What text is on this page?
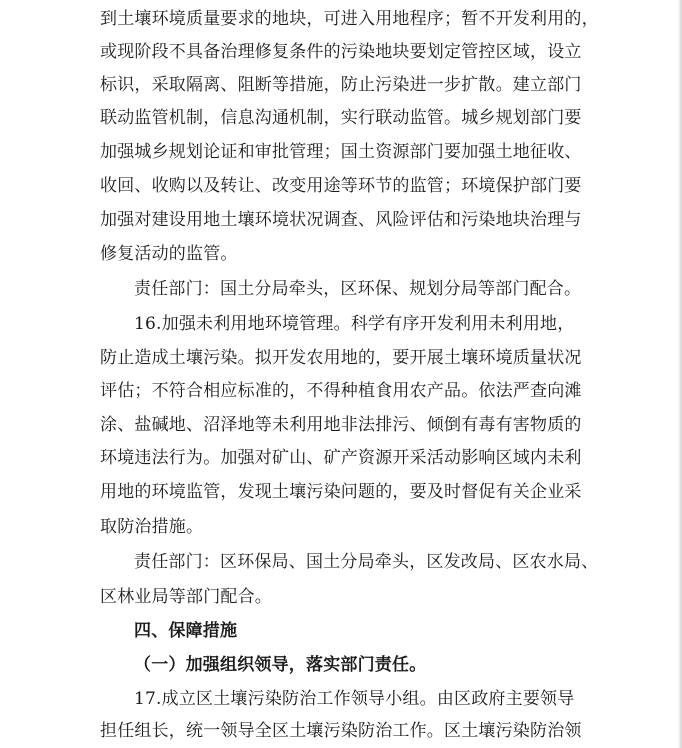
到土壤环境质量要求的地块，可进入用地程序；暂不开发利用的，
或现阶段不具备治理修复条件的污染地块要划定管控区域，设立
标识，采取隔离、阻断等措施，防止污染进一步扩散。建立部门
联动监管机制，信息沟通机制，实行联动监管。城乡规划部门要
加强城乡规划论证和审批管理；国土资源部门要加强土地征收、
收回、收购以及转让、改变用途等环节的监管；环境保护部门要
加强对建设用地土壤环境状况调查、风险评估和污染地块治理与
修复活动的监管。
责任部门：国土分局牵头，区环保、规划分局等部门配合。
16.加强未利用地环境管理。科学有序开发利用未利用地，
防止造成土壤污染。拟开发农用地的，要开展土壤环境质量状况
评估；不符合相应标准的，不得种植食用农产品。依法严查向滩
涂、盐碱地、沼泽地等未利用地非法排污、倾倒有毒有害物质的
环境违法行为。加强对矿山、矿产资源开采活动影响区域内未利
用地的环境监管，发现土壤污染问题的，要及时督促有关企业采
取防治措施。
责任部门：区环保局、国土分局牵头，区发改局、区农水局、
区林业局等部门配合。
四、保障措施
（一）加强组织领导，落实部门责任。
17.成立区土壤污染防治工作领导小组。由区政府主要领导
担任组长，统一领导全区土壤污染防治工作。区土壤污染防治领
